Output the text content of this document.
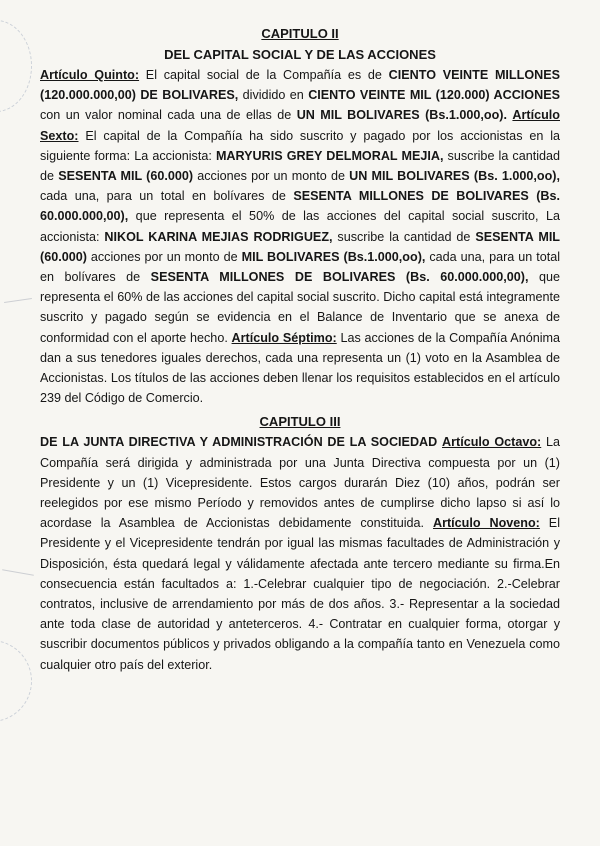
CAPITULO II

DEL CAPITAL SOCIAL Y DE LAS ACCIONES

Artículo Quinto: El capital social de la Compañía es de CIENTO VEINTE MILLONES (120.000.000,00) DE BOLIVARES, dividido en CIENTO VEINTE MIL (120.000) ACCIONES con un valor nominal cada una de ellas de UN MIL BOLIVARES (Bs.1.000,oo). Artículo Sexto: El capital de la Compañía ha sido suscrito y pagado por los accionistas en la siguiente forma: La accionista: MARYURIS GREY DELMORAL MEJIA, suscribe la cantidad de SESENTA MIL (60.000) acciones por un monto de UN MIL BOLIVARES (Bs. 1.000,oo), cada una, para un total en bolívares de SESENTA MILLONES DE BOLIVARES (Bs. 60.000.000,00), que representa el 50% de las acciones del capital social suscrito, La accionista: NIKOL KARINA MEJIAS RODRIGUEZ, suscribe la cantidad de SESENTA MIL (60.000) acciones por un monto de MIL BOLIVARES (Bs.1.000,oo), cada una, para un total en bolívares de SESENTA MILLONES DE BOLIVARES (Bs. 60.000.000,00), que representa el 60% de las acciones del capital social suscrito. Dicho capital está integramente suscrito y pagado según se evidencia en el Balance de Inventario que se anexa de conformidad con el aporte hecho. Artículo Séptimo: Las acciones de la Compañía Anónima dan a sus tenedores iguales derechos, cada una representa un (1) voto en la Asamblea de Accionistas. Los títulos de las acciones deben llenar los requisitos establecidos en el artículo 239 del Código de Comercio.

CAPITULO III

DE LA JUNTA DIRECTIVA Y ADMINISTRACIÓN DE LA SOCIEDAD Artículo Octavo: La Compañía será dirigida y administrada por una Junta Directiva compuesta por un (1) Presidente y un (1) Vicepresidente. Estos cargos durarán Diez (10) años, podrán ser reelegidos por ese mismo Período y removidos antes de cumplirse dicho lapso si así lo acordase la Asamblea de Accionistas debidamente constituida. Artículo Noveno: El Presidente y el Vicepresidente tendrán por igual las mismas facultades de Administración y Disposición, ésta quedará legal y válidamente afectada ante tercero mediante su firma.En consecuencia están facultados a: 1.-Celebrar cualquier tipo de negociación. 2.-Celebrar contratos, inclusive de arrendamiento por más de dos años. 3.- Representar a la sociedad ante toda clase de autoridad y anteterceros. 4.- Contratar en cualquier forma, otorgar y suscribir documentos públicos y privados obligando a la compañía tanto en Venezuela como cualquier otro país del exterior.
